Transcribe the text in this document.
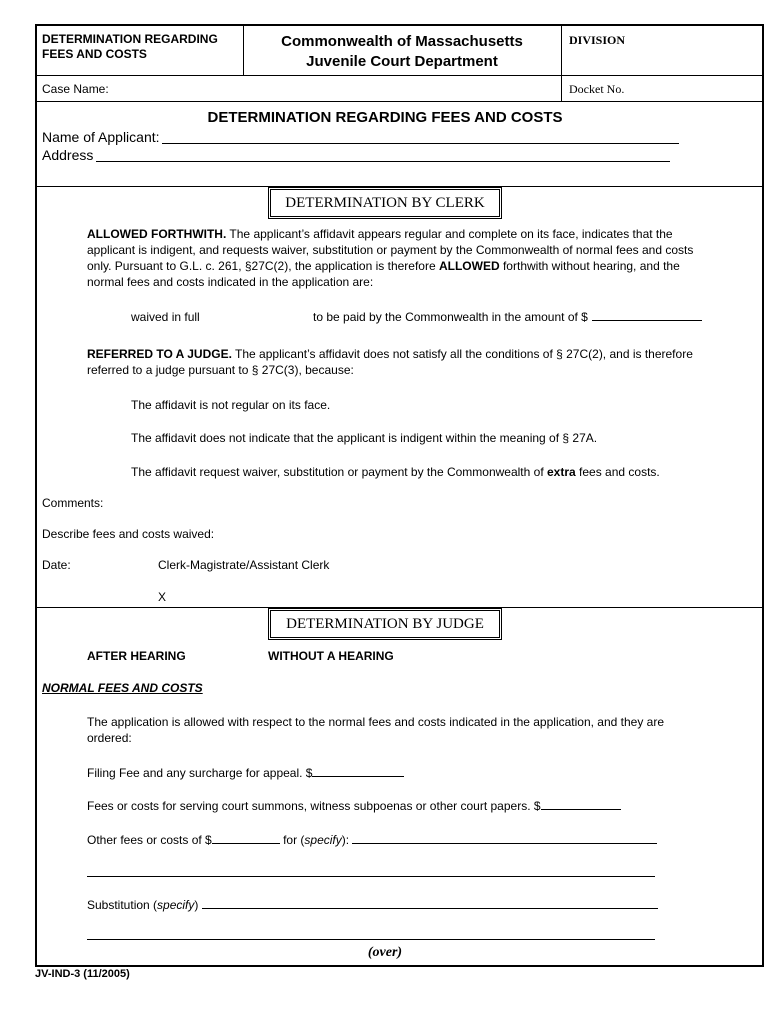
DETERMINATION REGARDING
FEES AND COSTS
Commonwealth of Massachusetts
Juvenile Court Department
DIVISION
Case Name:	Docket No.
DETERMINATION REGARDING FEES AND COSTS
Name of Applicant:
Address
DETERMINATION BY CLERK
ALLOWED FORTHWITH. The applicant’s affidavit appears regular and complete on its face, indicates that the applicant is indigent, and requests waiver, substitution or payment by the Commonwealth of normal fees and costs only. Pursuant to G.L. c. 261, §27C(2), the application is therefore ALLOWED forthwith without hearing, and the normal fees and costs indicated in the application are:
waived in full	to be paid by the Commonwealth in the amount of $
REFERRED TO A JUDGE. The applicant’s affidavit does not satisfy all the conditions of § 27C(2), and is therefore referred to a judge pursuant to § 27C(3), because:
The affidavit is not regular on its face.
The affidavit does not indicate that the applicant is indigent within the meaning of § 27A.
The affidavit request waiver, substitution or payment by the Commonwealth of extra fees and costs.
Comments:
Describe fees and costs waived:
Date:	Clerk-Magistrate/Assistant Clerk
X
DETERMINATION BY JUDGE
AFTER HEARING	WITHOUT A HEARING
NORMAL FEES AND COSTS
The application is allowed with respect to the normal fees and costs indicated in the application, and they are ordered:
Filing Fee and any surcharge for appeal. $
Fees or costs for serving court summons, witness subpoenas or other court papers. $
Other fees or costs of $	for (specify):
Substitution (specify)
(over)
JV-IND-3 (11/2005)
